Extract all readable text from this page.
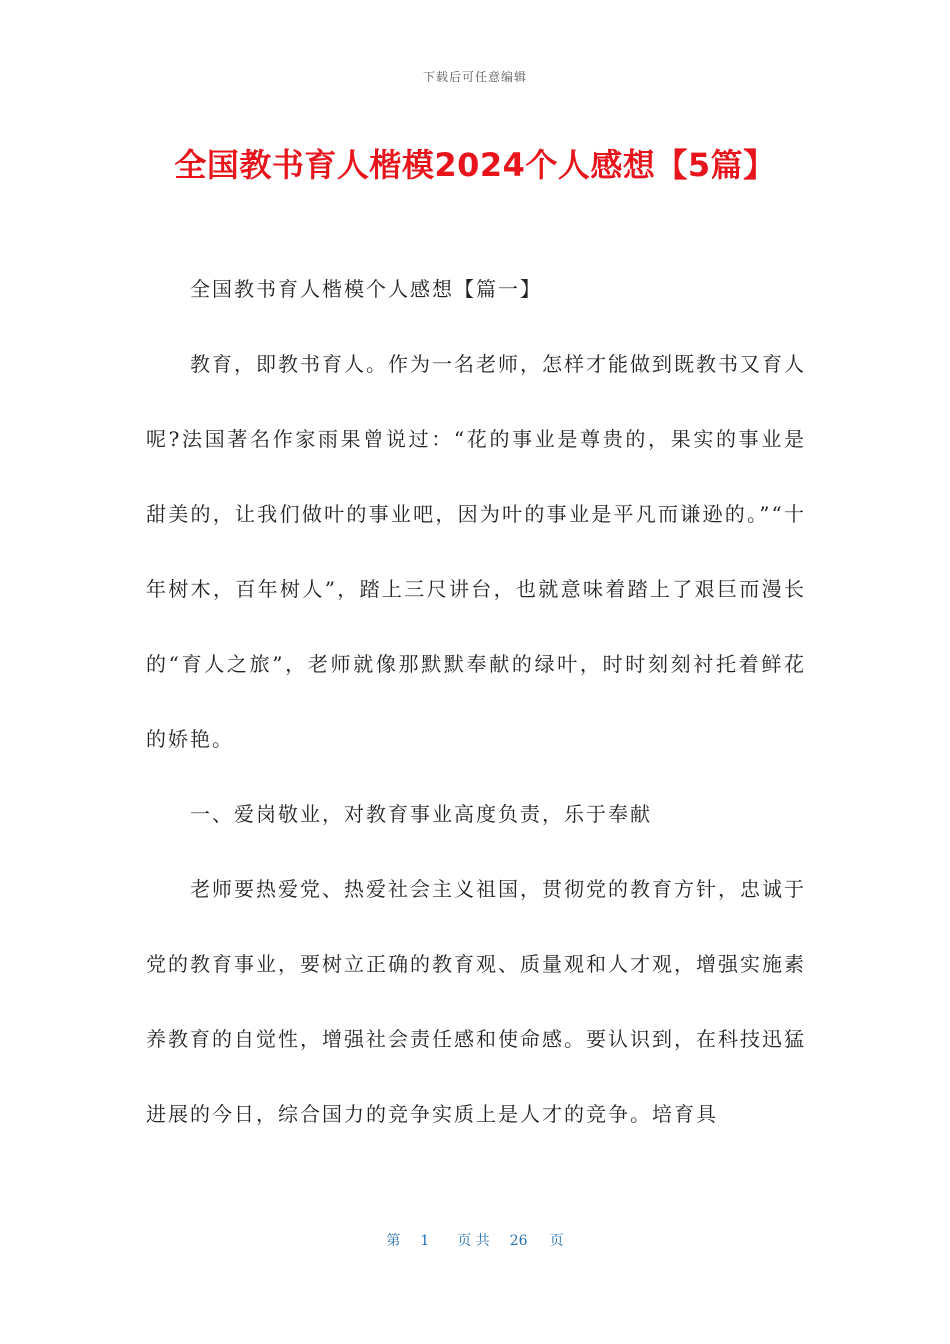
下载后可任意编辑
全国教书育人楷模2024个人感想【5篇】

全国教书育人楷模个人感想【篇一】

教育，即教书育人。作为一名老师，怎样才能做到既教书又育人呢?法国著名作家雨果曾说过：“花的事业是尊贵的，果实的事业是甜美的，让我们做叶的事业吧，因为叶的事业是平凡而谦逊的。”“十年树木，百年树人”，踏上三尺讲台，也就意味着踏上了艰巨而漫长的“育人之旅”，老师就像那默默奉献的绿叶，时时刻刻衬托着鲜花的娇艳。

一、爱岗敬业，对教育事业高度负责，乐于奉献

老师要热爱党、热爱社会主义祖国，贯彻党的教育方针，忠诚于党的教育事业，要树立正确的教育观、质量观和人才观，增强实施素养教育的自觉性，增强社会责任感和使命感。要认识到，在科技迅猛进展的今日，综合国力的竞争实质上是人才的竞争。培育具

第 1 页 共 26 页
